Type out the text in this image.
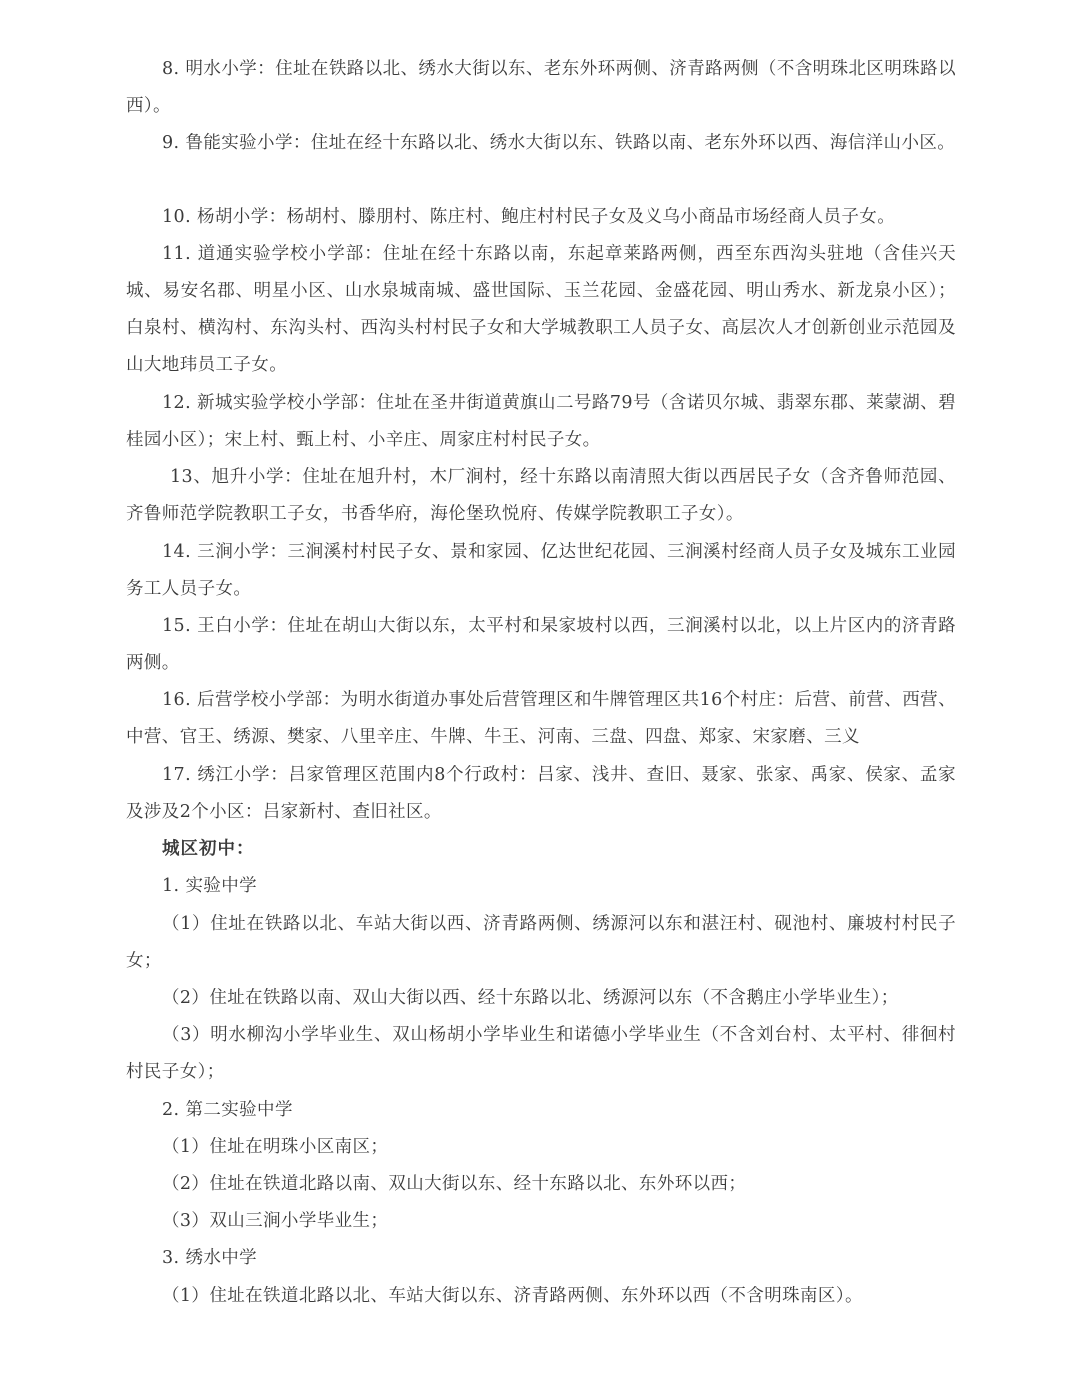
8. 明水小学：住址在铁路以北、绣水大街以东、老东外环两侧、济青路两侧（不含明珠北区明珠路以西）。

9. 鲁能实验小学：住址在经十东路以北、绣水大街以东、铁路以南、老东外环以西、海信洋山小区。

10. 杨胡小学：杨胡村、滕朋村、陈庄村、鲍庄村村民子女及义乌小商品市场经商人员子女。

11. 道通实验学校小学部：住址在经十东路以南，东起章莱路两侧，西至东西沟头驻地（含佳兴天城、易安名郡、明星小区、山水泉城南城、盛世国际、玉兰花园、金盛花园、明山秀水、新龙泉小区）；白泉村、横沟村、东沟头村、西沟头村村民子女和大学城教职工人员子女、高层次人才创新创业示范园及山大地玮员工子女。

12. 新城实验学校小学部：住址在圣井街道黄旗山二号路79号（含诺贝尔城、翡翠东郡、莱蒙湖、碧桂园小区）；宋上村、甄上村、小辛庄、周家庄村村民子女。

13、旭升小学：住址在旭升村，木厂涧村，经十东路以南清照大街以西居民子女（含齐鲁师范园、齐鲁师范学院教职工子女，书香华府，海伦堡玖悦府、传媒学院教职工子女）。

14. 三涧小学：三涧溪村村民子女、景和家园、亿达世纪花园、三涧溪村经商人员子女及城东工业园务工人员子女。

15. 王白小学：住址在胡山大街以东，太平村和杲家坡村以西，三涧溪村以北，以上片区内的济青路两侧。

16. 后营学校小学部：为明水街道办事处后营管理区和牛牌管理区共16个村庄：后营、前营、西营、中营、官王、绣源、樊家、八里辛庄、牛牌、牛王、河南、三盘、四盘、郑家、宋家磨、三义

17. 绣江小学：吕家管理区范围内8个行政村：吕家、浅井、查旧、聂家、张家、禹家、侯家、孟家及涉及2个小区：吕家新村、查旧社区。

城区初中：

1. 实验中学

（1）住址在铁路以北、车站大街以西、济青路两侧、绣源河以东和湛汪村、砚池村、廉坡村村民子女；

（2）住址在铁路以南、双山大街以西、经十东路以北、绣源河以东（不含鹅庄小学毕业生）；

（3）明水柳沟小学毕业生、双山杨胡小学毕业生和诺德小学毕业生（不含刘台村、太平村、徘徊村村民子女）；

2. 第二实验中学

（1）住址在明珠小区南区；

（2）住址在铁道北路以南、双山大街以东、经十东路以北、东外环以西；

（3）双山三涧小学毕业生；

3. 绣水中学

（1）住址在铁道北路以北、车站大街以东、济青路两侧、东外环以西（不含明珠南区）。
